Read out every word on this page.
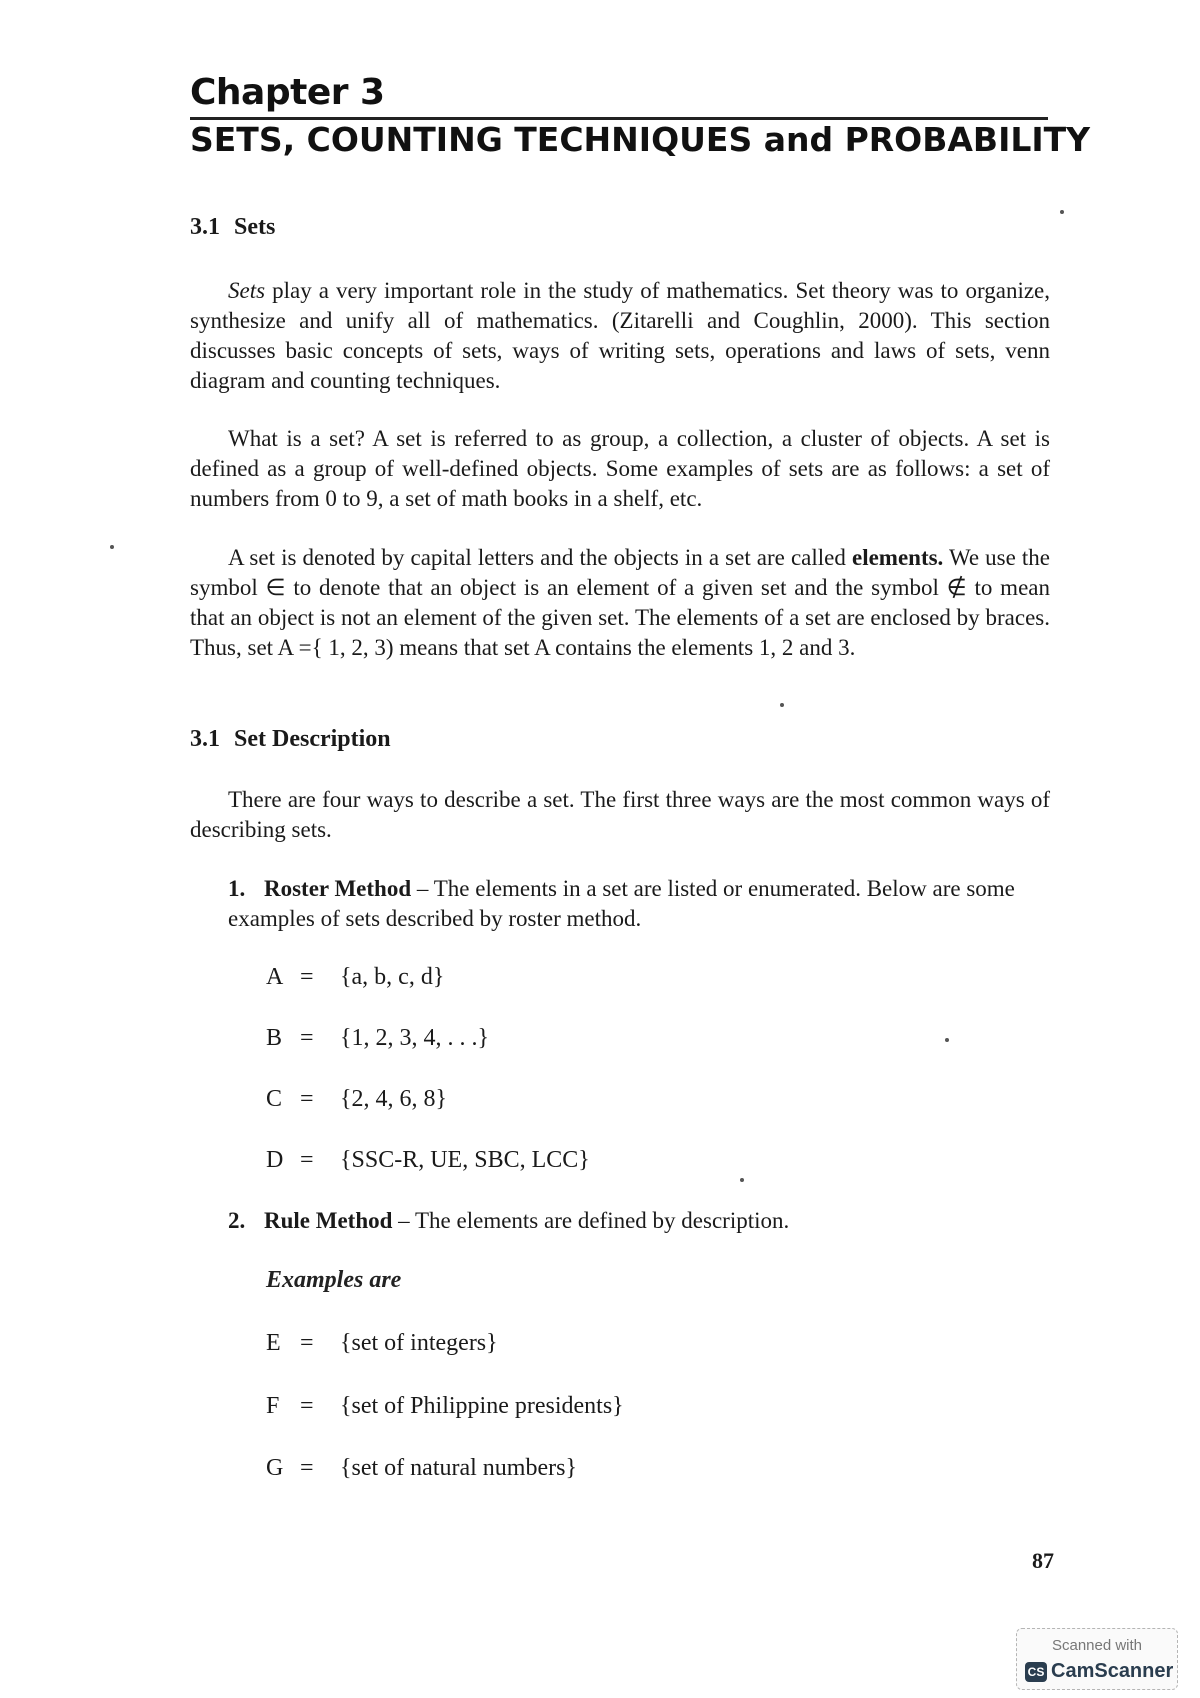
Chapter 3
SETS, COUNTING TECHNIQUES and PROBABILITY
3.1 Sets
Sets play a very important role in the study of mathematics. Set theory was to organize, synthesize and unify all of mathematics. (Zitarelli and Coughlin, 2000). This section discusses basic concepts of sets, ways of writing sets, operations and laws of sets, venn diagram and counting techniques.
What is a set? A set is referred to as group, a collection, a cluster of objects. A set is defined as a group of well-defined objects. Some examples of sets are as follows: a set of numbers from 0 to 9, a set of math books in a shelf, etc.
A set is denoted by capital letters and the objects in a set are called elements. We use the symbol ∈ to denote that an object is an element of a given set and the symbol ∉ to mean that an object is not an element of the given set. The elements of a set are enclosed by braces. Thus, set A ={ 1, 2, 3) means that set A contains the elements 1, 2 and 3.
3.1 Set Description
There are four ways to describe a set. The first three ways are the most common ways of describing sets.
1. Roster Method – The elements in a set are listed or enumerated. Below are some examples of sets described by roster method.
A = {a, b, c, d}
B = {1, 2, 3, 4, . . .}
C = {2, 4, 6, 8}
D = {SSC-R, UE, SBC, LCC}
2. Rule Method – The elements are defined by description.
Examples are
E = {set of integers}
F = {set of Philippine presidents}
G = {set of natural numbers}
87
Scanned with
CS CamScanner
